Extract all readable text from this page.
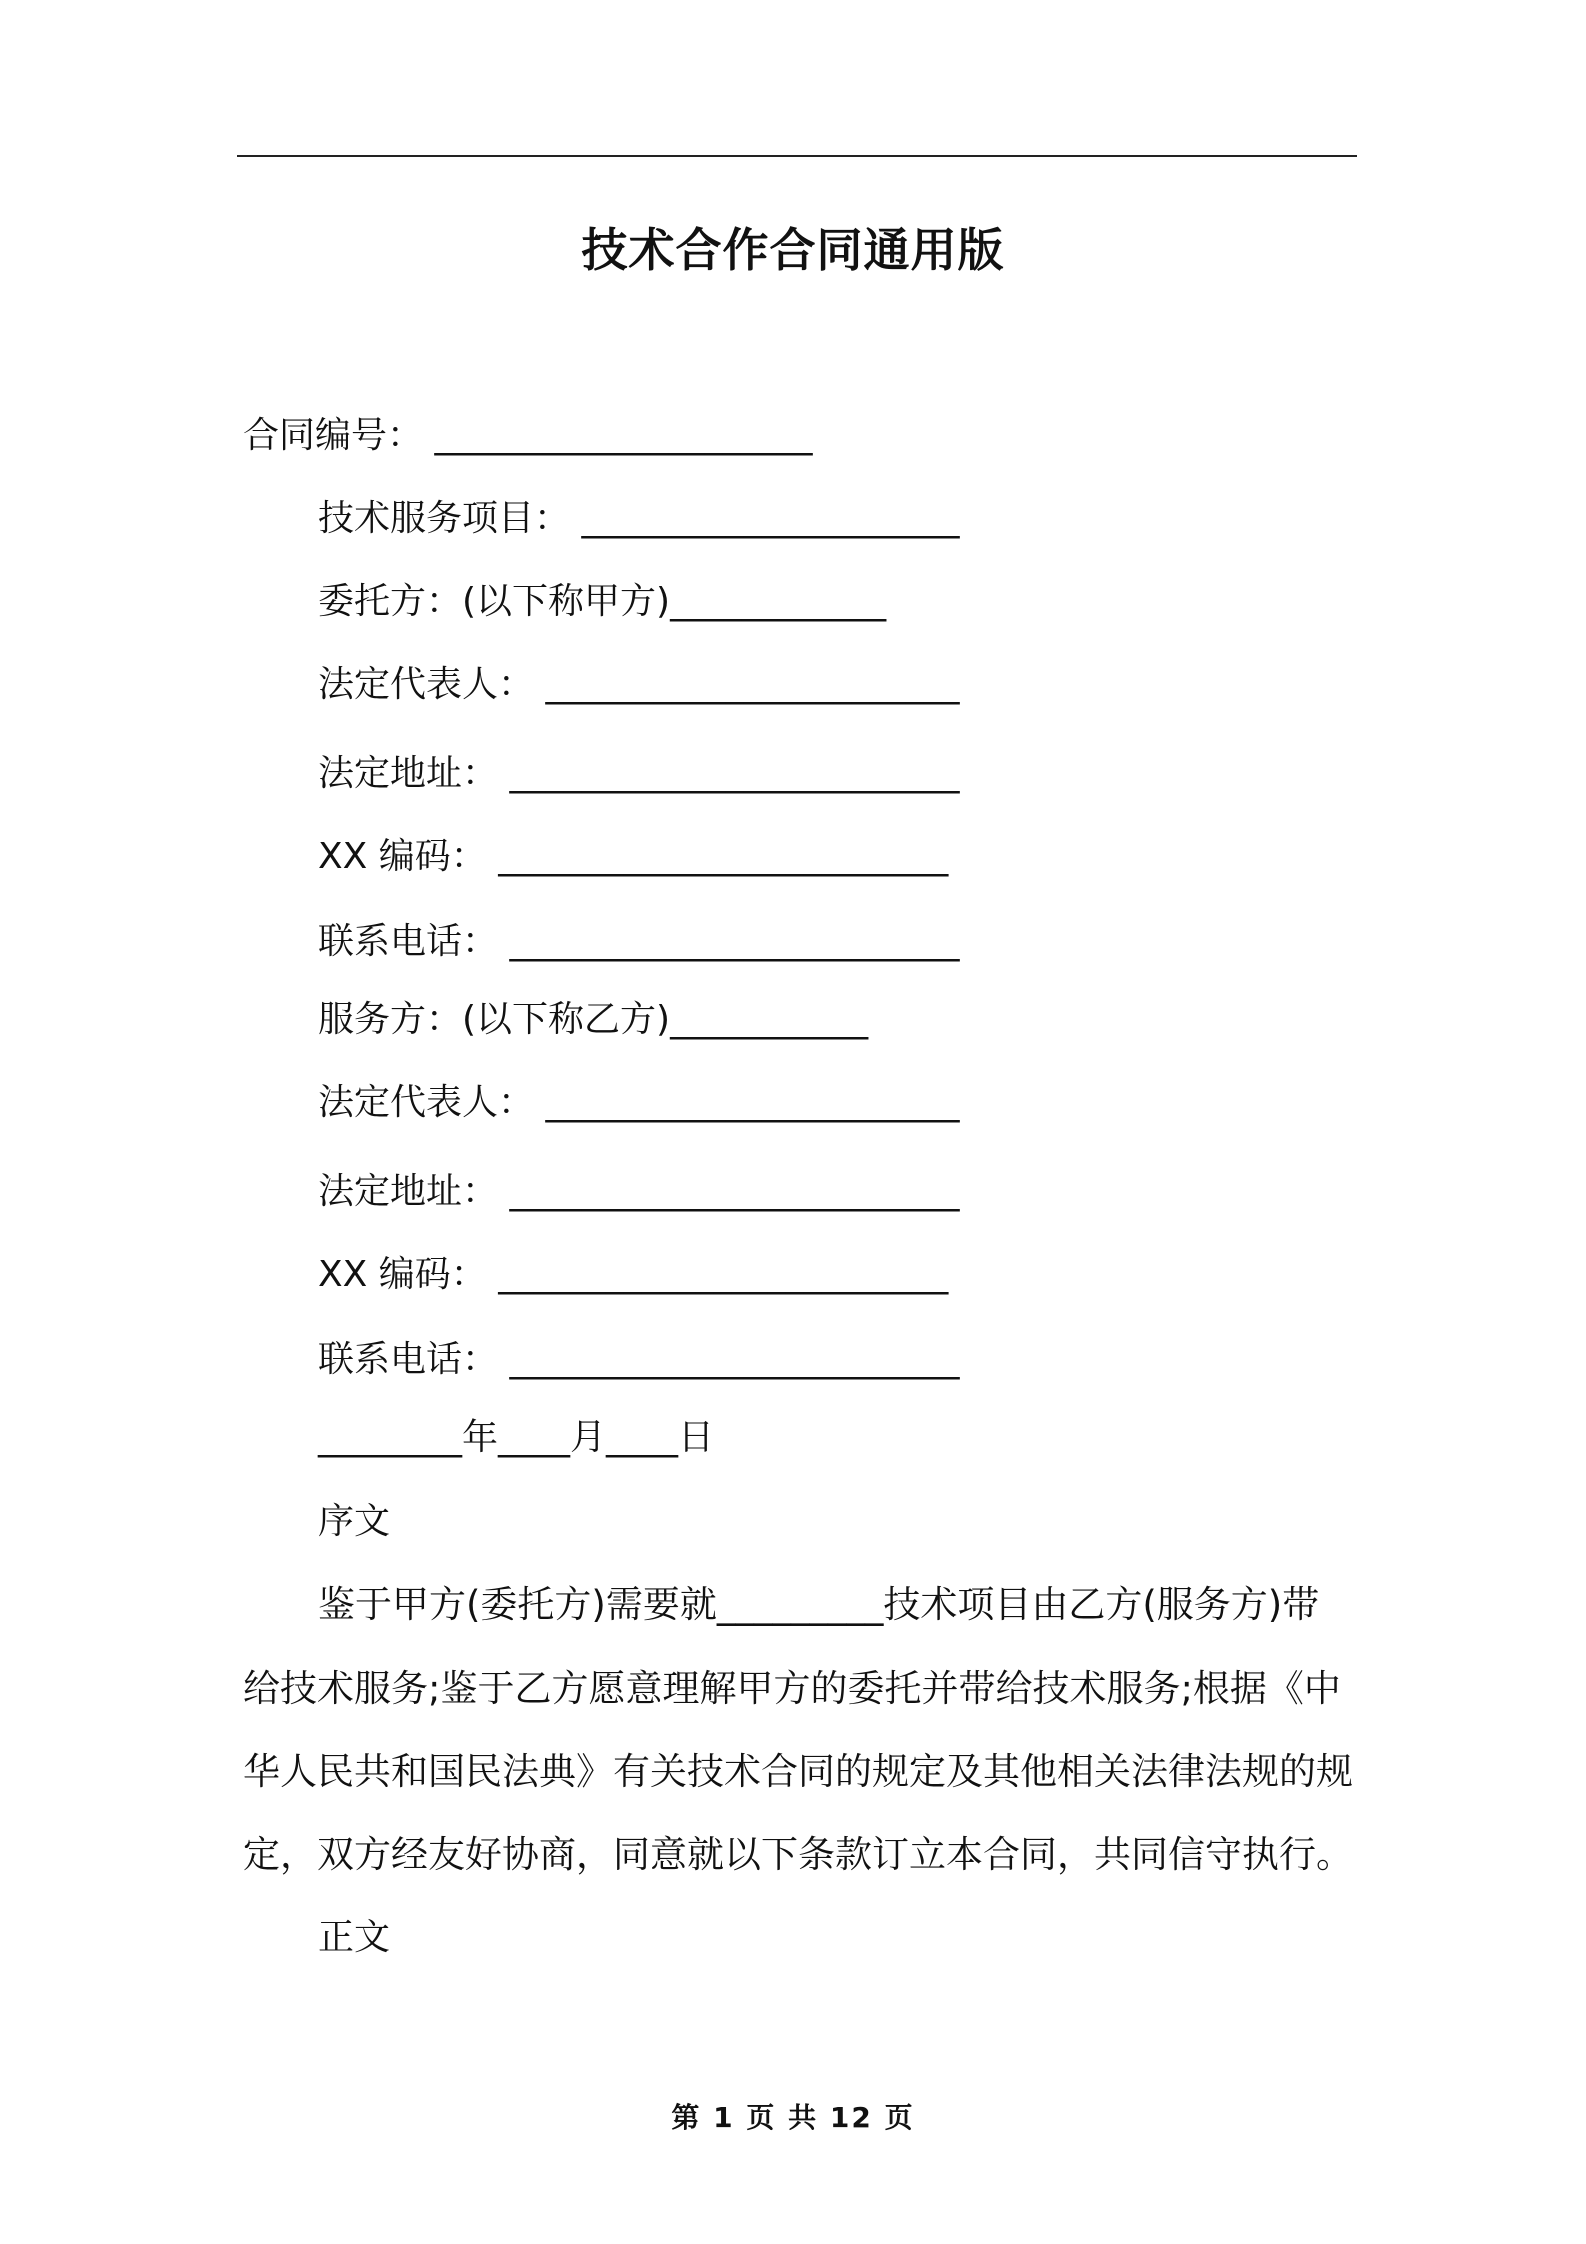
技术合作合同通用版
合同编号： _____________________
技术服务项目： _____________________
委托方：(以下称甲方)____________
法定代表人： _______________________
法定地址： _________________________
XX 编码： _________________________
联系电话： _________________________
服务方：(以下称乙方)___________
法定代表人： _______________________
法定地址： _________________________
XX 编码： _________________________
联系电话： _________________________
________年____月____日
序文
鉴于甲方(委托方)需要就_________技术项目由乙方(服务方)带
给技术服务;鉴于乙方愿意理解甲方的委托并带给技术服务;根据《中
华人民共和国民法典》有关技术合同的规定及其他相关法律法规的规
定，双方经友好协商，同意就以下条款订立本合同，共同信守执行。
正文
第 1 页 共 12 页
